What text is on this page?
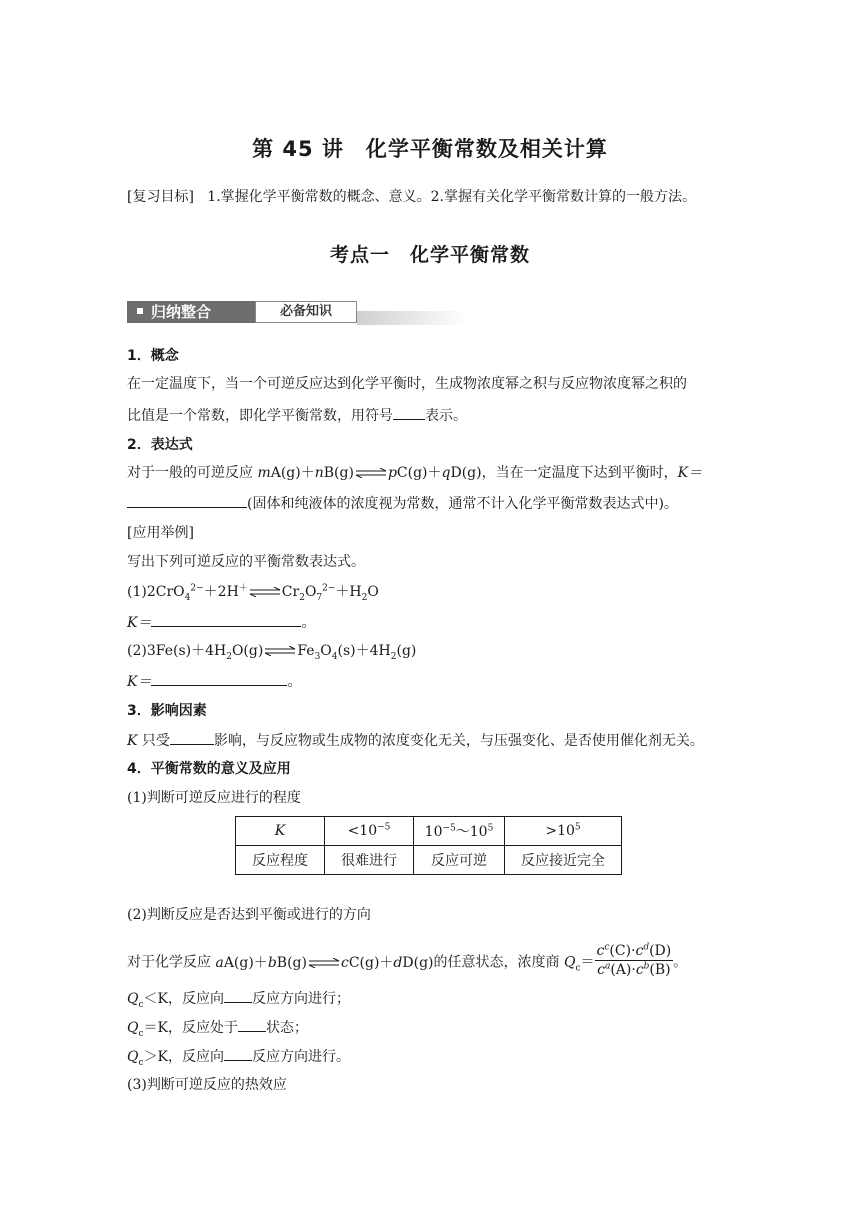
第 45 讲　化学平衡常数及相关计算
[复习目标] 1.掌握化学平衡常数的概念、意义。2.掌握有关化学平衡常数计算的一般方法。
考点一　化学平衡常数
归纳整合	必备知识
1．概念
在一定温度下，当一个可逆反应达到化学平衡时，生成物浓度幂之积与反应物浓度幂之积的
比值是一个常数，即化学平衡常数，用符号 表示。
2．表达式
对于一般的可逆反应 mA(g)＋nB(g)⇌pC(g)＋qD(g)，当在一定温度下达到平衡时，K＝
(固体和纯液体的浓度视为常数，通常不计入化学平衡常数表达式中)。
[应用举例]
写出下列可逆反应的平衡常数表达式。
$(1)2CrO_4^{2-}+2H^+\rightleftharpoons Cr_2O_7^{2-}+H_2O$
K＝	。
$(2)3Fe(s)+4H_2O(g)\rightleftharpoons Fe_3O_4(s)+4H_2(g)$
K＝	。
3．影响因素
K 只受	影响，与反应物或生成物的浓度变化无关，与压强变化、是否使用催化剂无关。
4．平衡常数的意义及应用
(1)判断可逆反应进行的程度
K	$<10^{-5}$	$10^{-5}\sim 10^5$	$>10^5$
反应程度	很难进行	反应可逆	反应接近完全
(2)判断反应是否达到平衡或进行的方向
对于化学反应 aA(g)＋bB(g)⇌cC(g)＋dD(g)的任意状态，浓度商 $Q_c= \frac{c^c(C)\cdot c^d(D)}{c^a(A)\cdot c^b(B)}$ 。
$Q_c<K$，反应向 反应方向进行；
$Q_c=K$，反应处于 状态；
$Q_c>K$，反应向 反应方向进行。
(3)判断可逆反应的热效应
